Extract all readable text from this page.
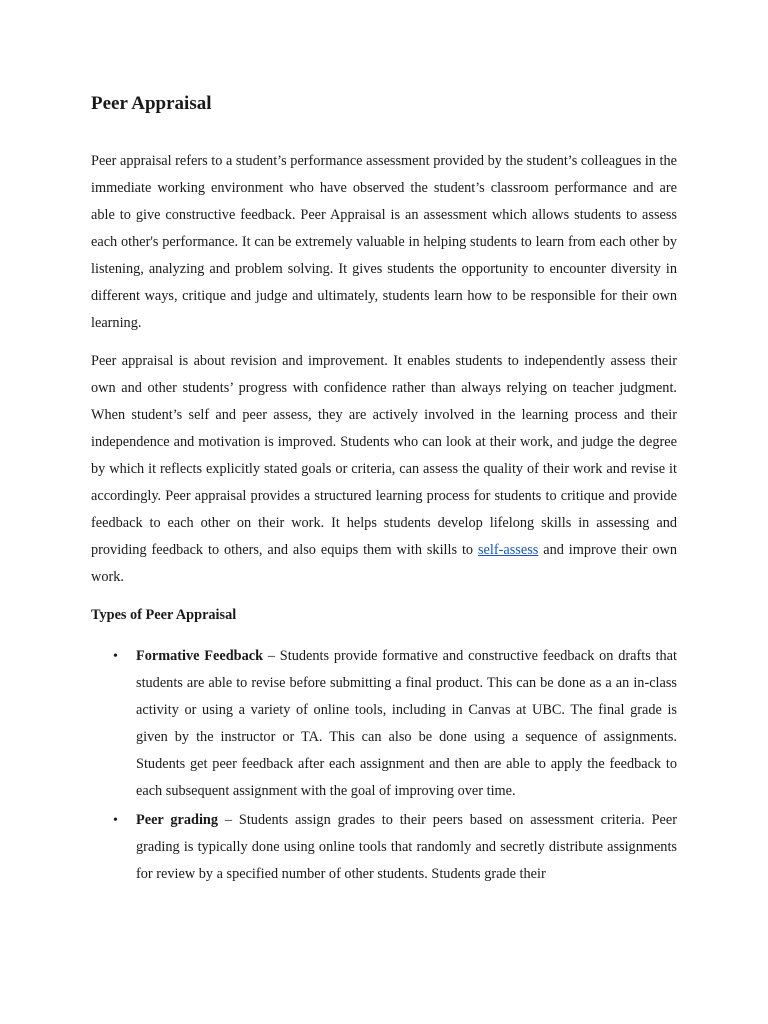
Peer Appraisal

Peer appraisal refers to a student’s performance assessment provided by the student’s colleagues in the immediate working environment who have observed the student’s classroom performance and are able to give constructive feedback. Peer Appraisal is an assessment which allows students to assess each other's performance. It can be extremely valuable in helping students to learn from each other by listening, analyzing and problem solving. It gives students the opportunity to encounter diversity in different ways, critique and judge and ultimately, students learn how to be responsible for their own learning.

Peer appraisal is about revision and improvement. It enables students to independently assess their own and other students’ progress with confidence rather than always relying on teacher judgment. When student’s self and peer assess, they are actively involved in the learning process and their independence and motivation is improved. Students who can look at their work, and judge the degree by which it reflects explicitly stated goals or criteria, can assess the quality of their work and revise it accordingly. Peer appraisal provides a structured learning process for students to critique and provide feedback to each other on their work. It helps students develop lifelong skills in assessing and providing feedback to others, and also equips them with skills to self-assess and improve their own work.

Types of Peer Appraisal
• Formative Feedback – Students provide formative and constructive feedback on drafts that students are able to revise before submitting a final product. This can be done as a an in-class activity or using a variety of online tools, including in Canvas at UBC. The final grade is given by the instructor or TA. This can also be done using a sequence of assignments. Students get peer feedback after each assignment and then are able to apply the feedback to each subsequent assignment with the goal of improving over time.
• Peer grading – Students assign grades to their peers based on assessment criteria. Peer grading is typically done using online tools that randomly and secretly distribute assignments for review by a specified number of other students. Students grade their
